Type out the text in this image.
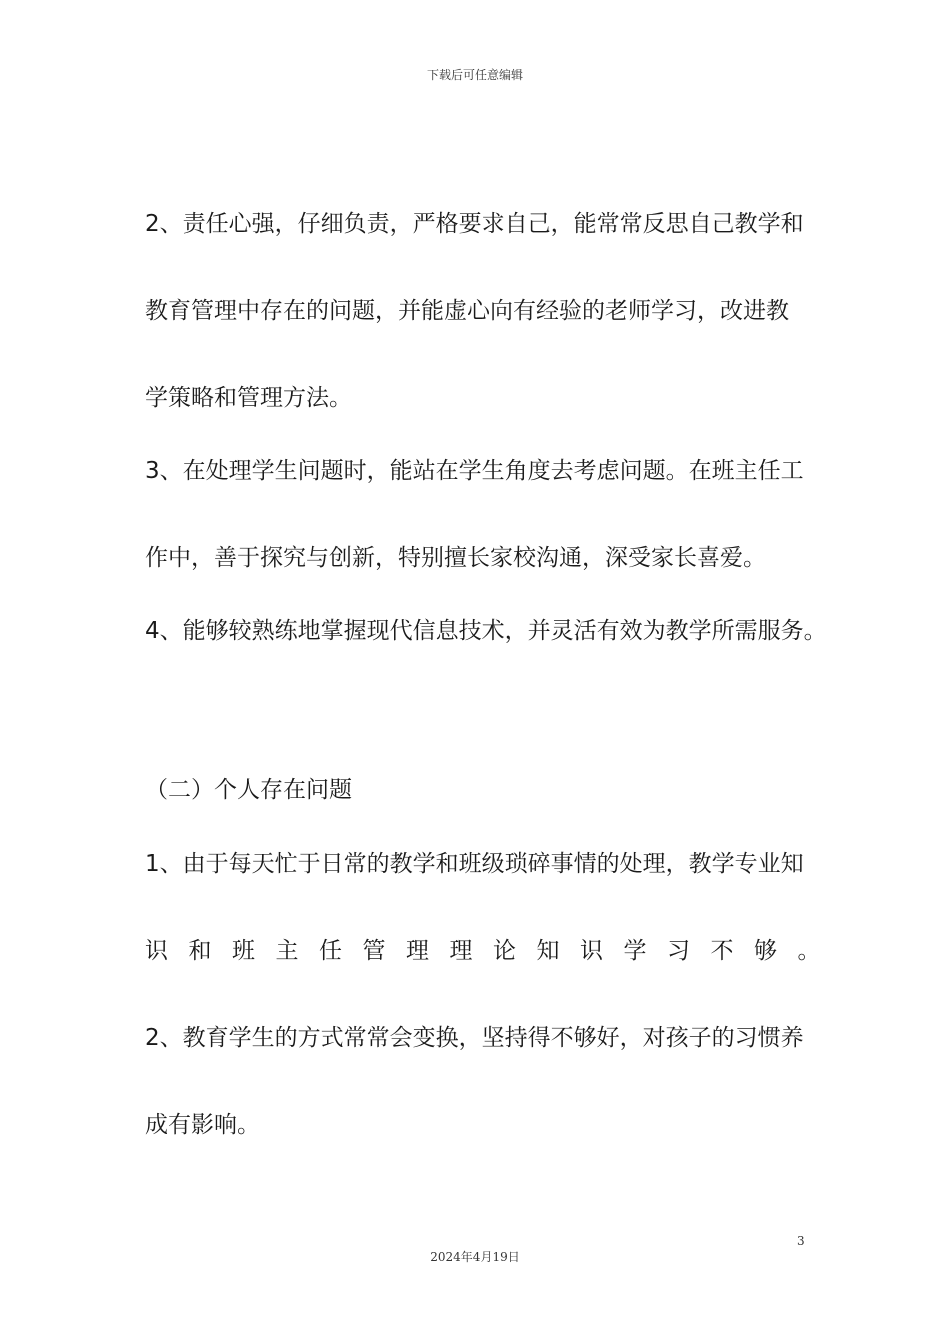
下载后可任意编辑
2、责任心强，仔细负责，严格要求自己，能常常反思自己教学和
教育管理中存在的问题，并能虚心向有经验的老师学习，改进教
学策略和管理方法。
3、在处理学生问题时，能站在学生角度去考虑问题。在班主任工
作中，善于探究与创新，特别擅长家校沟通，深受家长喜爱。
4、能够较熟练地掌握现代信息技术，并灵活有效为教学所需服务。
（二）个人存在问题
1、由于每天忙于日常的教学和班级琐碎事情的处理，教学专业知
识和班主任管理理论知识学习不够。
2、教育学生的方式常常会变换，坚持得不够好，对孩子的习惯养
成有影响。
3
2024年4月19日
